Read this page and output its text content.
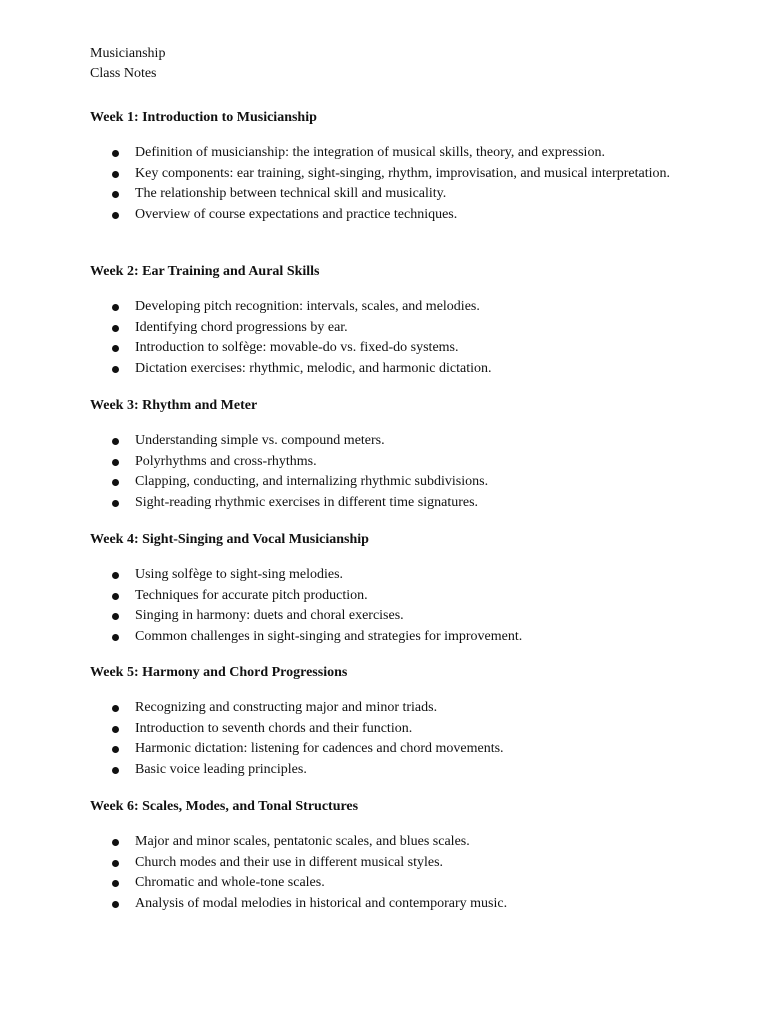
Musicianship
Class Notes

Week 1: Introduction to Musicianship

Definition of musicianship: the integration of musical skills, theory, and expression.
Key components: ear training, sight-singing, rhythm, improvisation, and musical interpretation.
The relationship between technical skill and musicality.
Overview of course expectations and practice techniques.

Week 2: Ear Training and Aural Skills

Developing pitch recognition: intervals, scales, and melodies.
Identifying chord progressions by ear.
Introduction to solfège: movable-do vs. fixed-do systems.
Dictation exercises: rhythmic, melodic, and harmonic dictation.

Week 3: Rhythm and Meter

Understanding simple vs. compound meters.
Polyrhythms and cross-rhythms.
Clapping, conducting, and internalizing rhythmic subdivisions.
Sight-reading rhythmic exercises in different time signatures.

Week 4: Sight-Singing and Vocal Musicianship

Using solfège to sight-sing melodies.
Techniques for accurate pitch production.
Singing in harmony: duets and choral exercises.
Common challenges in sight-singing and strategies for improvement.

Week 5: Harmony and Chord Progressions

Recognizing and constructing major and minor triads.
Introduction to seventh chords and their function.
Harmonic dictation: listening for cadences and chord movements.
Basic voice leading principles.

Week 6: Scales, Modes, and Tonal Structures

Major and minor scales, pentatonic scales, and blues scales.
Church modes and their use in different musical styles.
Chromatic and whole-tone scales.
Analysis of modal melodies in historical and contemporary music.
